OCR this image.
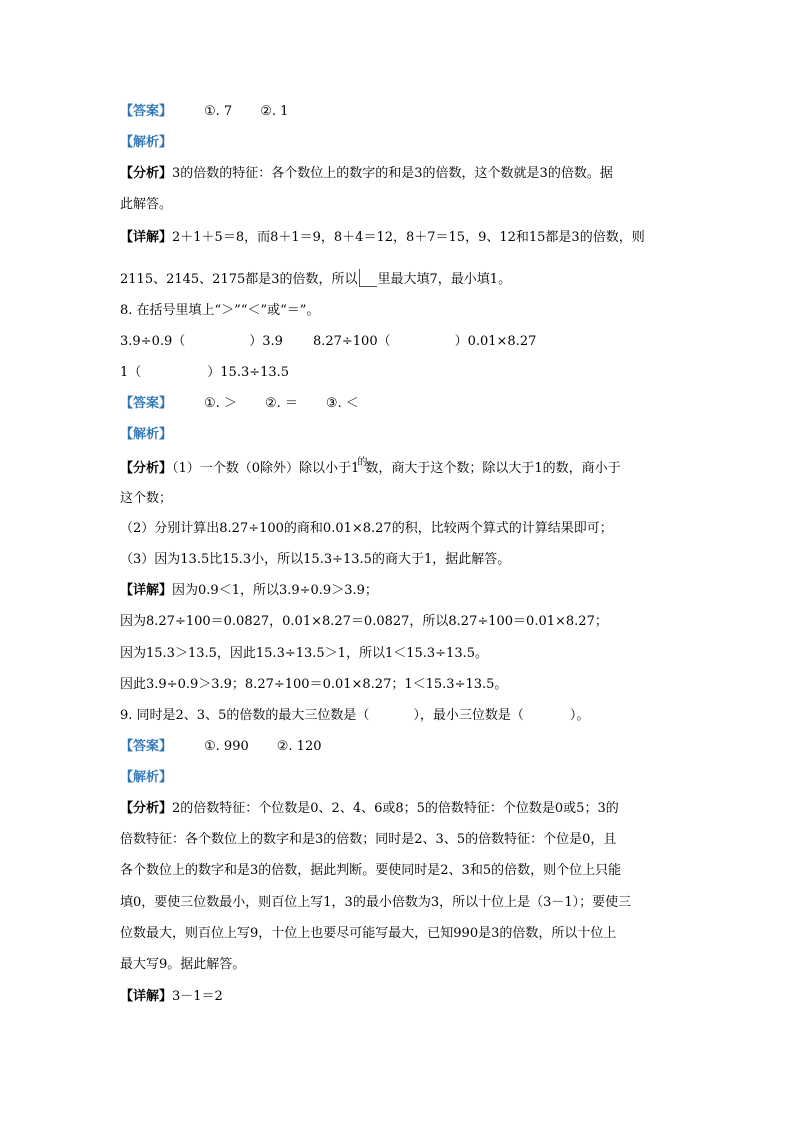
【答案】 ①. 7 ②. 1
【解析】
【分析】3的倍数的特征：各个数位上的数字的和是3的倍数，这个数就是3的倍数。据
此解答。
【详解】2＋1＋5＝8，而8＋1＝9，8＋4＝12，8＋7＝15，9、12和15都是3的倍数，则
2115、2145、2175都是3的倍数，所以 里最大填7，最小填1。
8. 在括号里填上“＞”“＜”或“＝”。
3.9÷0.9（	）3.9 8.27÷100（	）0.01×8.27
1（	）15.3÷13.5
【答案】 ①. ＞ ②. ＝ ③. ＜
【解析】
【分析】（1）一个数（0除外）除以小于$1^的$数，商大于这个数；除以大于1的数，商小于
这个数；
（2）分别计算出8.27÷100的商和0.01×8.27的积，比较两个算式的计算结果即可；
（3）因为13.5比15.3小，所以15.3÷13.5的商大于1，据此解答。
【详解】因为0.9＜1，所以3.9÷0.9＞3.9；
因为8.27÷100＝0.0827，0.01×8.27＝0.0827，所以8.27÷100＝0.01×8.27；
因为15.3＞13.5，因此15.3÷13.5＞1，所以1＜15.3÷13.5。
因此3.9÷0.9＞3.9；8.27÷100＝0.01×8.27；1＜15.3÷13.5。
9. 同时是2、3、5的倍数的最大三位数是（	），最小三位数是（	）。
【答案】 ①. 990 ②. 120
【解析】
【分析】2的倍数特征：个位数是0、2、4、6或8；5的倍数特征：个位数是0或5；3的
倍数特征：各个数位上的数字和是3的倍数；同时是2、3、5的倍数特征：个位是0，且
各个数位上的数字和是3的倍数，据此判断。要使同时是2、3和5的倍数，则个位上只能
填0，要使三位数最小，则百位上写1，3的最小倍数为3，所以十位上是（3－1）；要使三
位数最大，则百位上写9，十位上也要尽可能写最大，已知990是3的倍数，所以十位上
最大写9。据此解答。
【详解】3－1＝2
